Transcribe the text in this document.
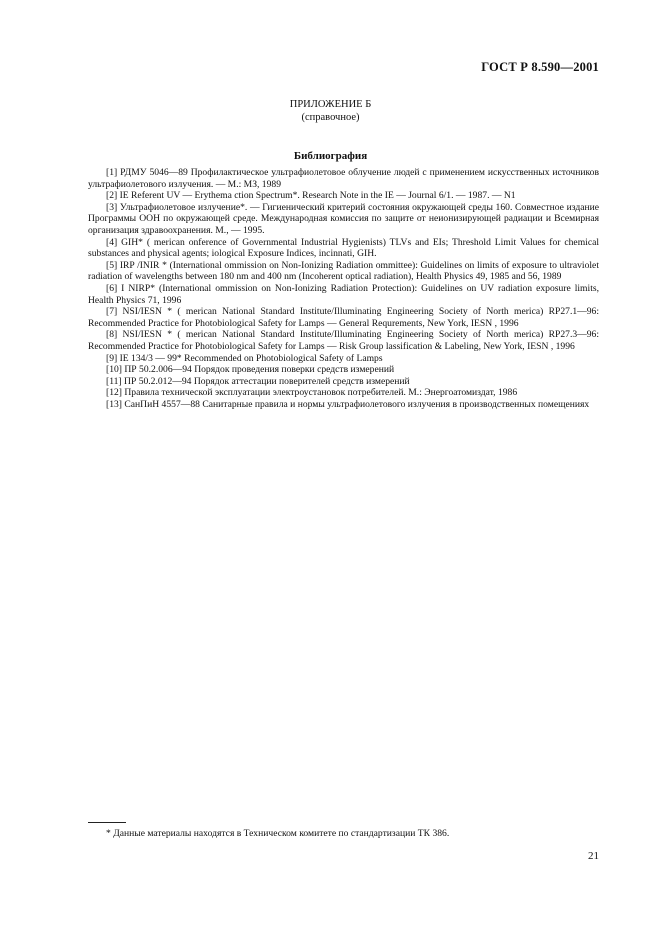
ГОСТ Р 8.590—2001
ПРИЛОЖЕНИЕ Б
(справочное)
Библиография

[1] РДМУ 5046—89 Профилактическое ультрафиолетовое облучение людей с применением искусственных источников ультрафиолетового излучения. — М.: МЗ, 1989

[2] IE Referent UV — Erythema ction Spectrum*. Research Note in the IE — Journal 6/1. — 1987. — N1

[3] Ультрафиолетовое излучение*. — Гигиенический критерий состояния окружающей среды 160. Совместное издание Программы ООН по окружающей среде. Международная комиссия по защите от неионизирующей радиации и Всемирная организация здравоохранения. М., — 1995.

[4] GIH* ( merican onference of Governmental Industrial Hygienists) TLVs and EIs; Threshold Limit Values for chemical substances and physical agents; iological Exposure Indices, incinnati, GIH.

[5] IRP /INIR * (International ommission on Non-Ionizing Radiation ommittee): Guidelines on limits of exposure to ultraviolet radiation of wavelengths between 180 nm and 400 nm (Incoherent optical radiation), Health Physics 49, 1985 and 56, 1989

[6] I NIRP* (International ommission on Non-Ionizing Radiation Protection): Guidelines on UV radiation exposure limits, Health Physics 71, 1996

[7] NSI/IESN * ( merican National Standard Institute/Illuminating Engineering Society of North merica) RP27.1—96: Recommended Practice for Photobiological Safety for Lamps — General Requrements, New York, IESN , 1996

[8] NSI/IESN * ( merican National Standard Institute/Illuminating Engineering Society of North merica) RP27.3—96: Recommended Practice for Photobiological Safety for Lamps — Risk Group lassification & Labeling, New York, IESN , 1996

[9] IE 134/3 — 99* Recommended on Photobiological Safety of Lamps

[10] ПР 50.2.006—94 Порядок проведения поверки средств измерений

[11] ПР 50.2.012—94 Порядок аттестации поверителей средств измерений

[12] Правила технической эксплуатации электроустановок потребителей. М.: Энергоатомиздат, 1986

[13] СанПиН 4557—88 Санитарные правила и нормы ультрафиолетового излучения в производственных помещениях

* Данные материалы находятся в Техническом комитете по стандартизации ТК 386.
21
